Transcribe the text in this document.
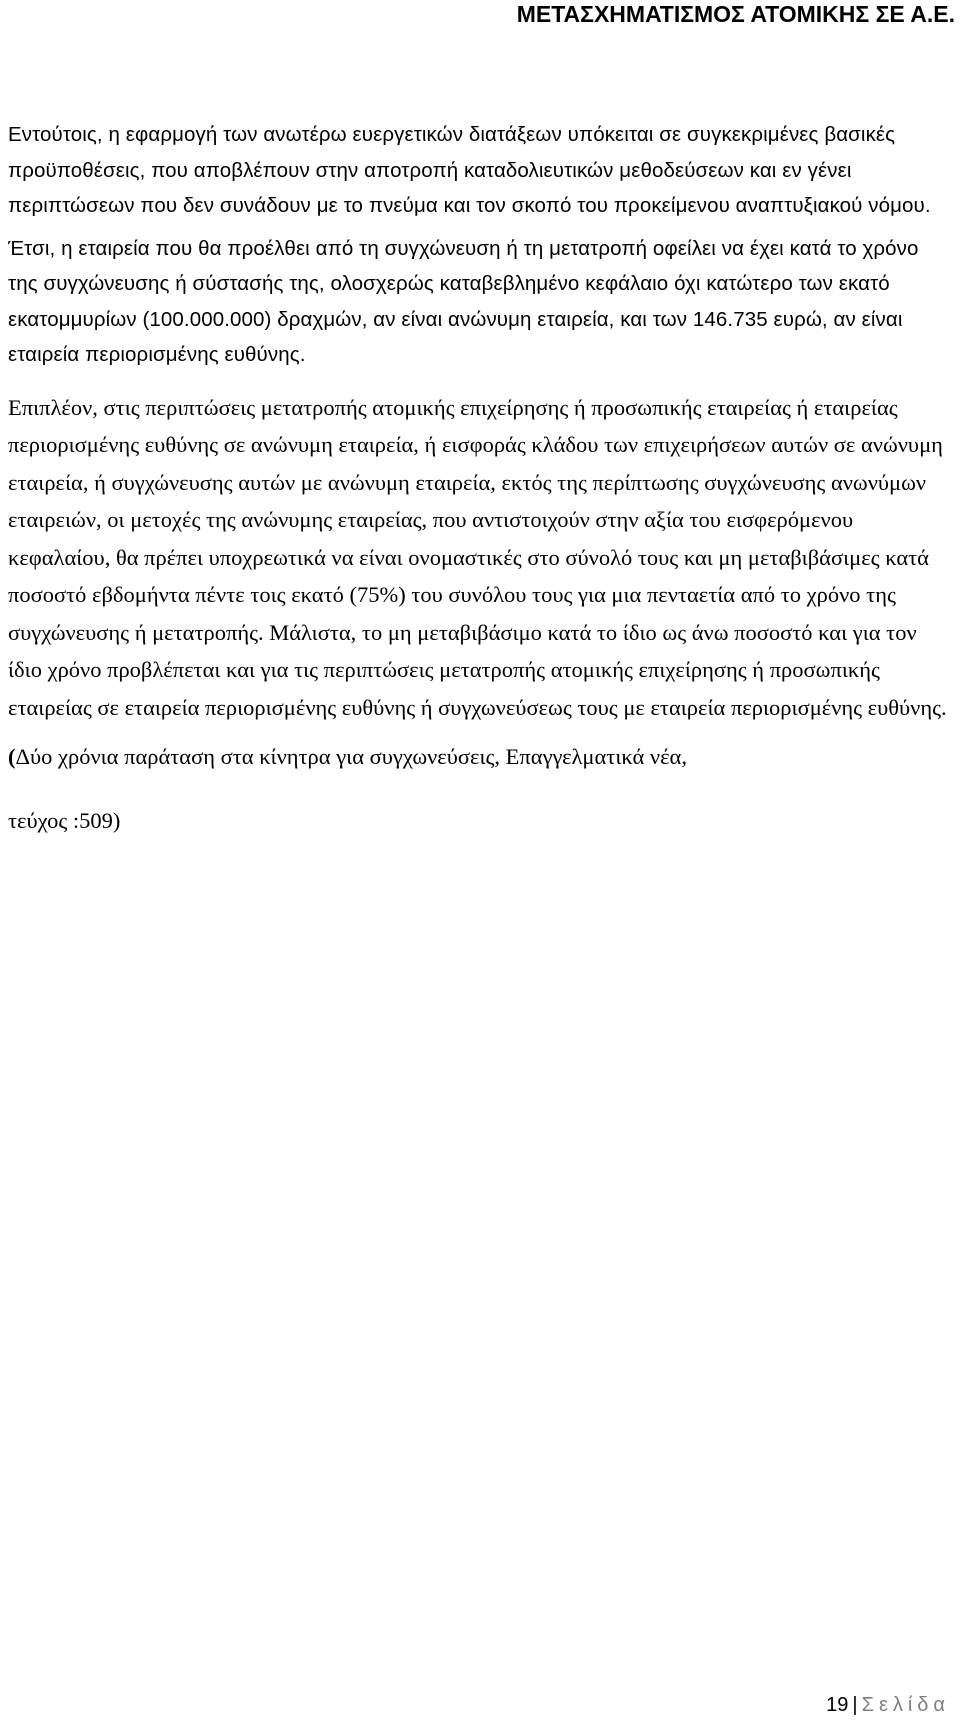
ΜΕΤΑΣΧΗΜΑΤΙΣΜΟΣ ΑΤΟΜΙΚΗΣ ΣΕ Α.Ε.

Εντούτοις, η εφαρμογή των ανωτέρω ευεργετικών διατάξεων υπόκειται σε συγκεκριμένες βασικές προϋποθέσεις, που αποβλέπουν στην αποτροπή καταδολιευτικών μεθοδεύσεων και εν γένει περιπτώσεων που δεν συνάδουν με το πνεύμα και τον σκοπό του προκείμενου αναπτυξιακού νόμου.

Έτσι, η εταιρεία που θα προέλθει από τη συγχώνευση ή τη μετατροπή οφείλει να έχει κατά το χρόνο της συγχώνευσης ή σύστασής της, ολοσχερώς καταβεβλημένο κεφάλαιο όχι κατώτερο των εκατό εκατομμυρίων (100.000.000) δραχμών, αν είναι ανώνυμη εταιρεία, και των 146.735 ευρώ, αν είναι εταιρεία περιορισμένης ευθύνης.

Επιπλέον, στις περιπτώσεις μετατροπής ατομικής επιχείρησης ή προσωπικής εταιρείας ή εταιρείας περιορισμένης ευθύνης σε ανώνυμη εταιρεία, ή εισφοράς κλάδου των επιχειρήσεων αυτών σε ανώνυμη εταιρεία, ή συγχώνευσης αυτών με ανώνυμη εταιρεία, εκτός της περίπτωσης συγχώνευσης ανωνύμων εταιρειών, οι μετοχές της ανώνυμης εταιρείας, που αντιστοιχούν στην αξία του εισφερόμενου κεφαλαίου, θα πρέπει υποχρεωτικά να είναι ονομαστικές στο σύνολό τους και μη μεταβιβάσιμες κατά ποσοστό εβδομήντα πέντε τοις εκατό (75%) του συνόλου τους για μια πενταετία από το χρόνο της συγχώνευσης ή μετατροπής. Μάλιστα, το μη μεταβιβάσιμο κατά το ίδιο ως άνω ποσοστό και για τον ίδιο χρόνο προβλέπεται και για τις περιπτώσεις μετατροπής ατομικής επιχείρησης ή προσωπικής εταιρείας σε εταιρεία περιορισμένης ευθύνης ή συγχωνεύσεως τους με εταιρεία περιορισμένης ευθύνης.

(Δύο χρόνια παράταση στα κίνητρα για συγχωνεύσεις, Επαγγελματικά νέα,

τεύχος :509)

19 | Σελίδα
